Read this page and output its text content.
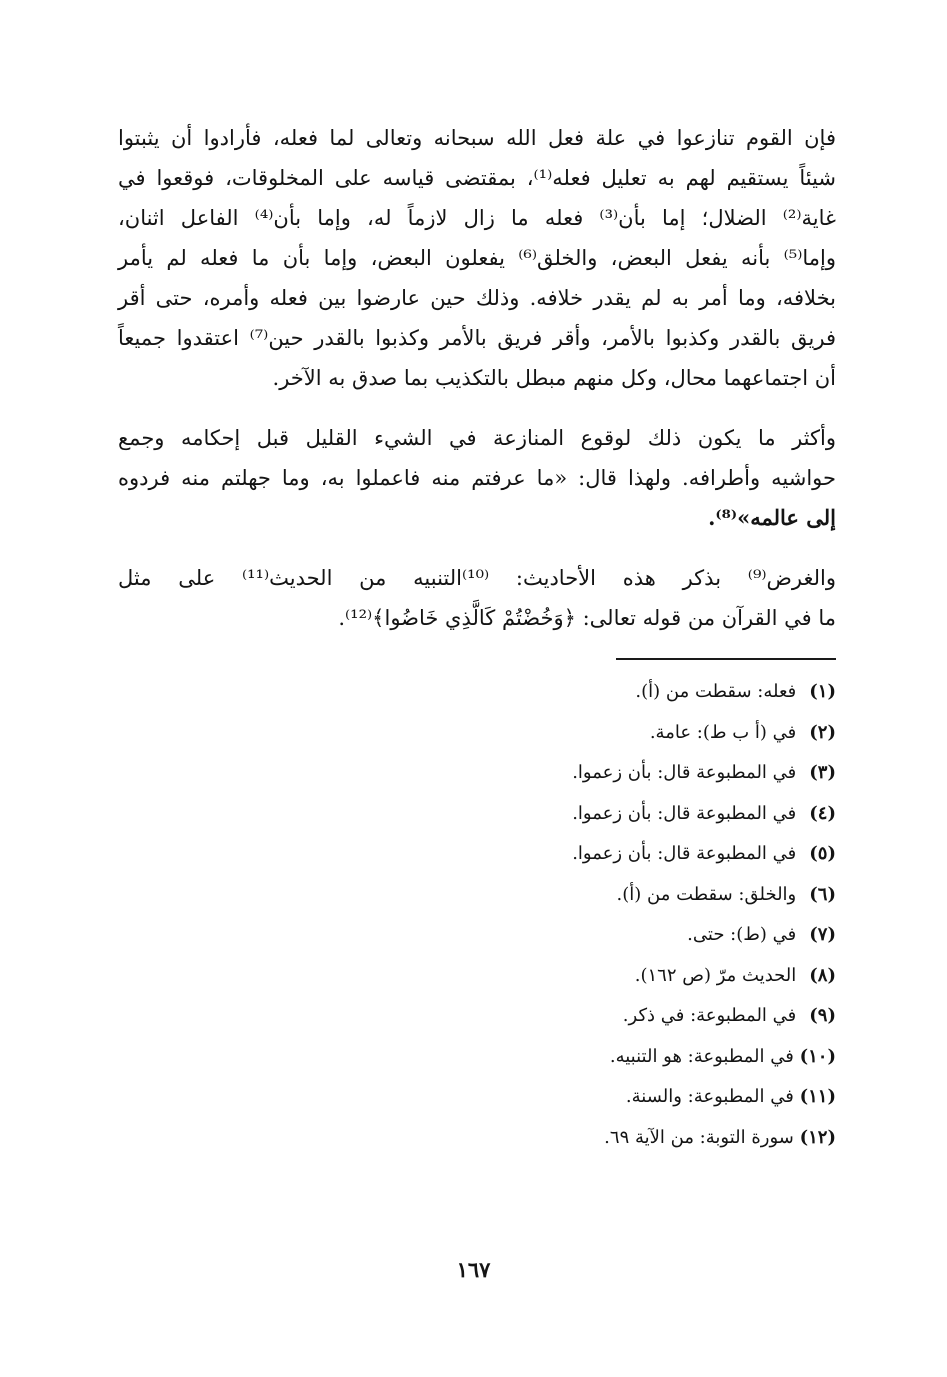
فإن القوم تنازعوا في علة فعل الله سبحانه وتعالى لما فعله، فأرادوا أن يثبتوا
شيئاً يستقيم لهم به تعليل فعله⁽¹⁾، بمقتضى قياسه على المخلوقات، فوقعوا في
غاية⁽²⁾ الضلال؛ إما بأن⁽³⁾ فعله ما زال لازماً له، وإما بأن⁽⁴⁾ الفاعل اثنان،
وإما⁽⁵⁾ بأنه يفعل البعض، والخلق⁽⁶⁾ يفعلون البعض، وإما بأن ما فعله لم يأمر
بخلافه، وما أمر به لم يقدر خلافه. وذلك حين عارضوا بين فعله وأمره، حتى أقر
فريق بالقدر وكذبوا بالأمر، وأقر فريق بالأمر وكذبوا بالقدر حين⁽⁷⁾ اعتقدوا جميعاً
أن اجتماعهما محال، وكل منهم مبطل بالتكذيب بما صدق به الآخر.

وأكثر ما يكون ذلك لوقوع المنازعة في الشيء القليل قبل إحكامه وجمع
حواشيه وأطرافه. ولهذا قال: «ما عرفتم منه فاعملوا به، وما جهلتم منه فردوه
إلى عالمه»⁽⁸⁾.

والغرض⁽⁹⁾ بذكر هذه الأحاديث: ⁽¹⁰⁾التنبيه من الحديث⁽¹¹⁾ على مثل
ما في القرآن من قوله تعالى: ﴿وَخُضْتُمْ كَالَّذِي خَاضُوا﴾⁽¹²⁾.

(١) فعله: سقطت من (أ).
(٢) في (أ ب ط): عامة.
(٣) في المطبوعة قال: بأن زعموا.
(٤) في المطبوعة قال: بأن زعموا.
(٥) في المطبوعة قال: بأن زعموا.
(٦) والخلق: سقطت من (أ).
(٧) في (ط): حتى.
(٨) الحديث مرّ (ص ١٦٢).
(٩) في المطبوعة: في ذكر.
(١٠) في المطبوعة: هو التنبيه.
(١١) في المطبوعة: والسنة.
(١٢) سورة التوبة: من الآية ٦٩.
١٦٧
